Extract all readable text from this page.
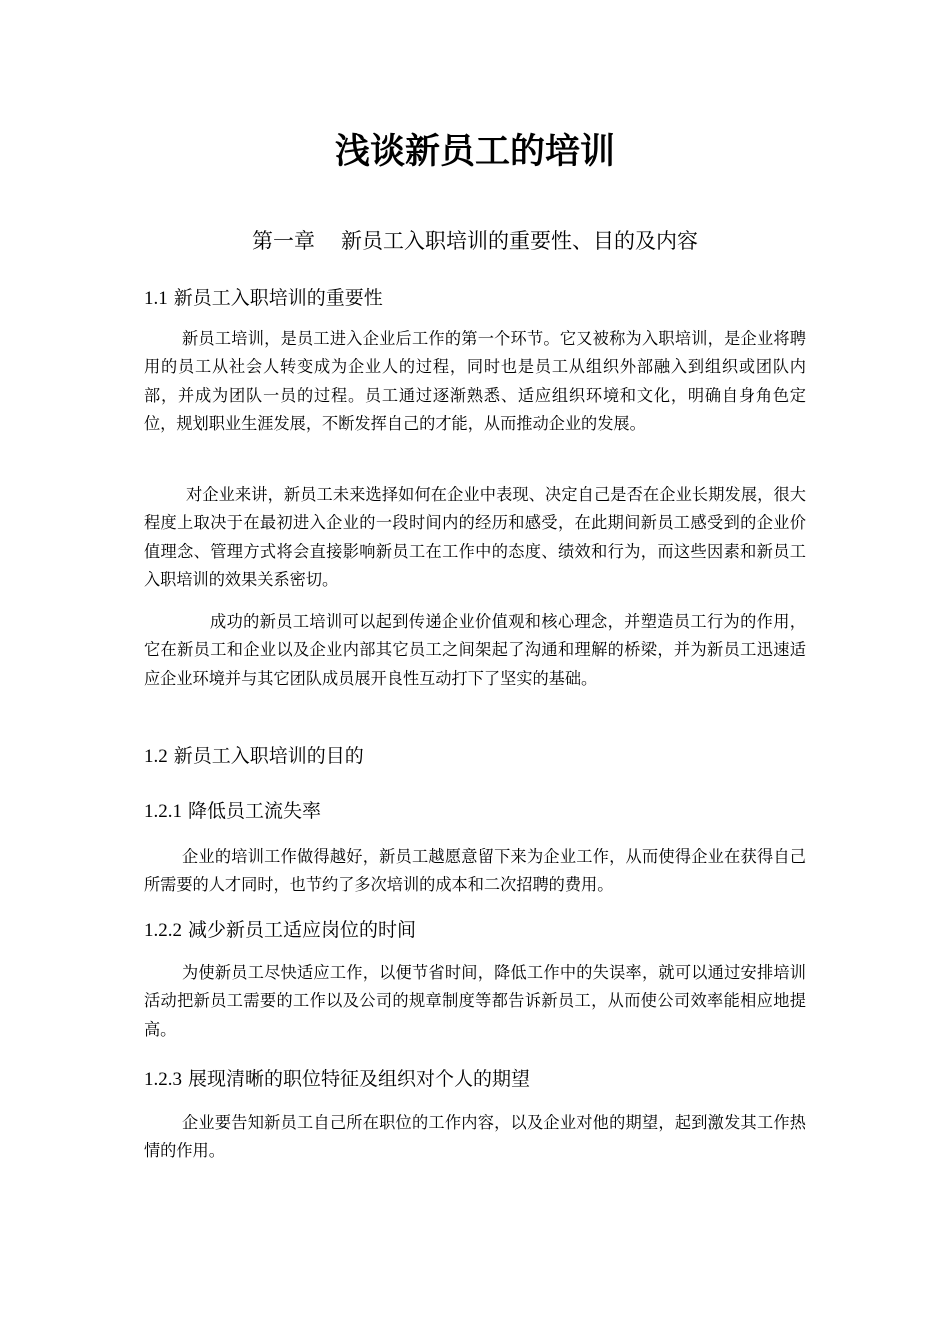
浅谈新员工的培训
第一章 新员工入职培训的重要性、目的及内容
1.1 新员工入职培训的重要性

新员工培训，是员工进入企业后工作的第一个环节。它又被称为入职培训，是企业将聘用的员工从社会人转变成为企业人的过程，同时也是员工从组织外部融入到组织或团队内部，并成为团队一员的过程。员工通过逐渐熟悉、适应组织环境和文化，明确自身角色定位，规划职业生涯发展，不断发挥自己的才能，从而推动企业的发展。

对企业来讲，新员工未来选择如何在企业中表现、决定自己是否在企业长期发展，很大程度上取决于在最初进入企业的一段时间内的经历和感受，在此期间新员工感受到的企业价值理念、管理方式将会直接影响新员工在工作中的态度、绩效和行为，而这些因素和新员工入职培训的效果关系密切。

成功的新员工培训可以起到传递企业价值观和核心理念，并塑造员工行为的作用，它在新员工和企业以及企业内部其它员工之间架起了沟通和理解的桥梁，并为新员工迅速适应企业环境并与其它团队成员展开良性互动打下了坚实的基础。

1.2 新员工入职培训的目的
1.2.1 降低员工流失率

企业的培训工作做得越好，新员工越愿意留下来为企业工作，从而使得企业在获得自己所需要的人才同时，也节约了多次培训的成本和二次招聘的费用。

1.2.2 减少新员工适应岗位的时间

为使新员工尽快适应工作，以便节省时间，降低工作中的失误率，就可以通过安排培训活动把新员工需要的工作以及公司的规章制度等都告诉新员工，从而使公司效率能相应地提高。

1.2.3 展现清晰的职位特征及组织对个人的期望

企业要告知新员工自己所在职位的工作内容，以及企业对他的期望，起到激发其工作热情的作用。
